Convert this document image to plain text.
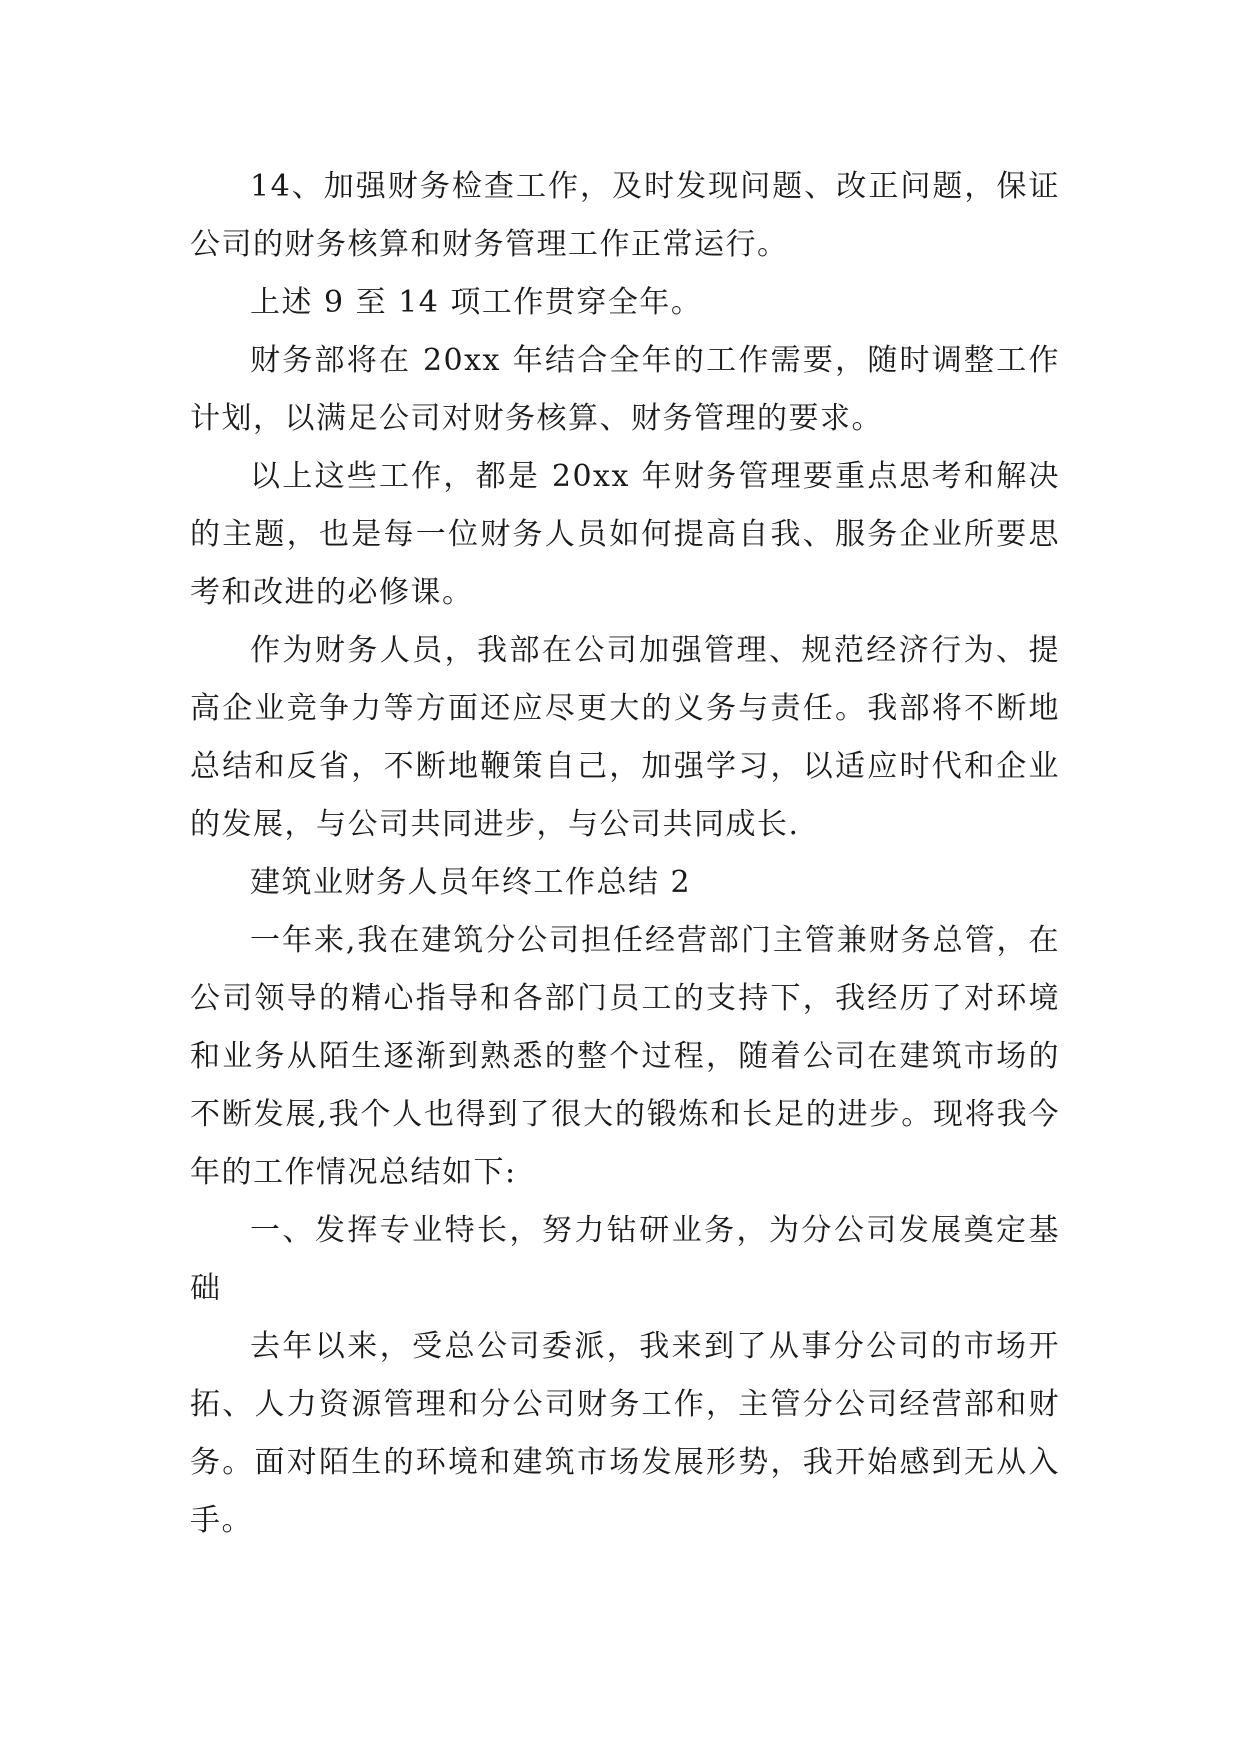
14、加强财务检查工作，及时发现问题、改正问题，保证公司的财务核算和财务管理工作正常运行。

上述 9 至 14 项工作贯穿全年。

财务部将在 20xx 年结合全年的工作需要，随时调整工作计划，以满足公司对财务核算、财务管理的要求。

以上这些工作，都是 20xx 年财务管理要重点思考和解决的主题，也是每一位财务人员如何提高自我、服务企业所要思考和改进的必修课。

作为财务人员，我部在公司加强管理、规范经济行为、提高企业竞争力等方面还应尽更大的义务与责任。我部将不断地总结和反省，不断地鞭策自己，加强学习，以适应时代和企业的发展，与公司共同进步，与公司共同成长.

建筑业财务人员年终工作总结 2

一年来,我在建筑分公司担任经营部门主管兼财务总管，在公司领导的精心指导和各部门员工的支持下，我经历了对环境和业务从陌生逐渐到熟悉的整个过程，随着公司在建筑市场的不断发展,我个人也得到了很大的锻炼和长足的进步。现将我今年的工作情况总结如下:

一、发挥专业特长，努力钻研业务，为分公司发展奠定基础

去年以来，受总公司委派，我来到了从事分公司的市场开拓、人力资源管理和分公司财务工作，主管分公司经营部和财务。面对陌生的环境和建筑市场发展形势，我开始感到无从入手。
